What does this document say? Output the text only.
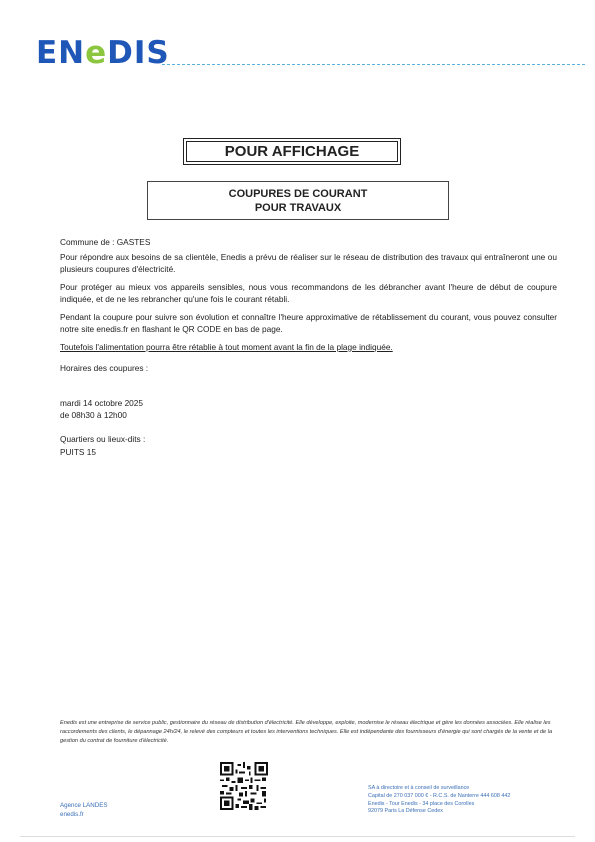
ENeDIS
POUR AFFICHAGE
COUPURES DE COURANT
POUR TRAVAUX
Commune de : GASTES
Pour répondre aux besoins de sa clientèle, Enedis a prévu de réaliser sur le réseau de distribution des travaux qui entraîneront une ou plusieurs coupures d'électricité.
Pour protéger au mieux vos appareils sensibles, nous vous recommandons de les débrancher avant l'heure de début de coupure indiquée, et de ne les rebrancher qu'une fois le courant rétabli.
Pendant la coupure pour suivre son évolution et connaître l'heure approximative de rétablissement du courant, vous pouvez consulter notre site enedis.fr en flashant le QR CODE en bas de page.
Toutefois l'alimentation pourra être rétablie à tout moment avant la fin de la plage indiquée.
Horaires des coupures :
mardi 14 octobre 2025
de 08h30 à 12h00
Quartiers ou lieux-dits :
PUITS 15
Enedis est une entreprise de service public, gestionnaire du réseau de distribution d'électricité. Elle développe, exploite, modernise le réseau électrique et gère les données associées. Elle réalise les raccordements des clients, le dépannage 24h/24, le relevé des compteurs et toutes les interventions techniques. Elle est indépendante des fournisseurs d'énergie qui sont chargés de la vente et de la gestion du contrat de fourniture d'électricité.
Agence LANDES
enedis.fr
SA à directoire et à conseil de surveillance
Capital de 270 037 000 € - R.C.S. de Nanterre 444 608 442
Enedis - Tour Enedis - 34 place des Corolles
92079 Paris La Défense Cedex
